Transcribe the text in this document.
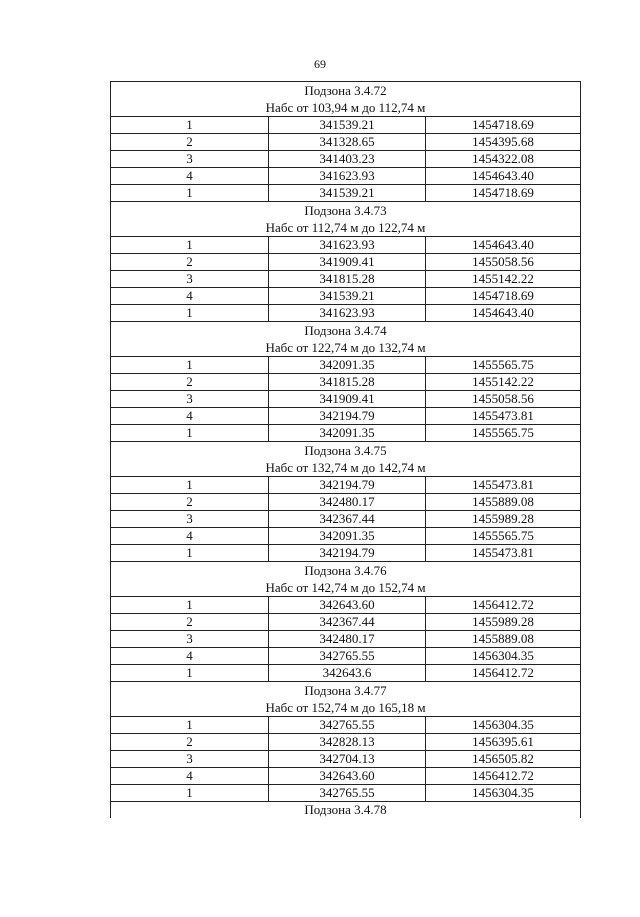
69
Подзона 3.4.72
Набс от 103,94 м до 112,74 м		

1	341539.21	1454718.69
2	341328.65	1454395.68
3	341403.23	1454322.08
4	341623.93	1454643.40
1	341539.21	1454718.69

Подзона 3.4.73
Набс от 112,74 м до 122,74 м		

1	341623.93	1454643.40
2	341909.41	1455058.56
3	341815.28	1455142.22
4	341539.21	1454718.69
1	341623.93	1454643.40

Подзона 3.4.74
Набс от 122,74 м до 132,74 м		

1	342091.35	1455565.75
2	341815.28	1455142.22
3	341909.41	1455058.56
4	342194.79	1455473.81
1	342091.35	1455565.75

Подзона 3.4.75
Набс от 132,74 м до 142,74 м		

1	342194.79	1455473.81
2	342480.17	1455889.08
3	342367.44	1455989.28
4	342091.35	1455565.75
1	342194.79	1455473.81

Подзона 3.4.76
Набс от 142,74 м до 152,74 м		

1	342643.60	1456412.72
2	342367.44	1455989.28
3	342480.17	1455889.08
4	342765.55	1456304.35
1	342643.6	1456412.72

Подзона 3.4.77
Набс от 152,74 м до 165,18 м		

1	342765.55	1456304.35
2	342828.13	1456395.61
3	342704.13	1456505.82
4	342643.60	1456412.72
1	342765.55	1456304.35

Подзона 3.4.78		
